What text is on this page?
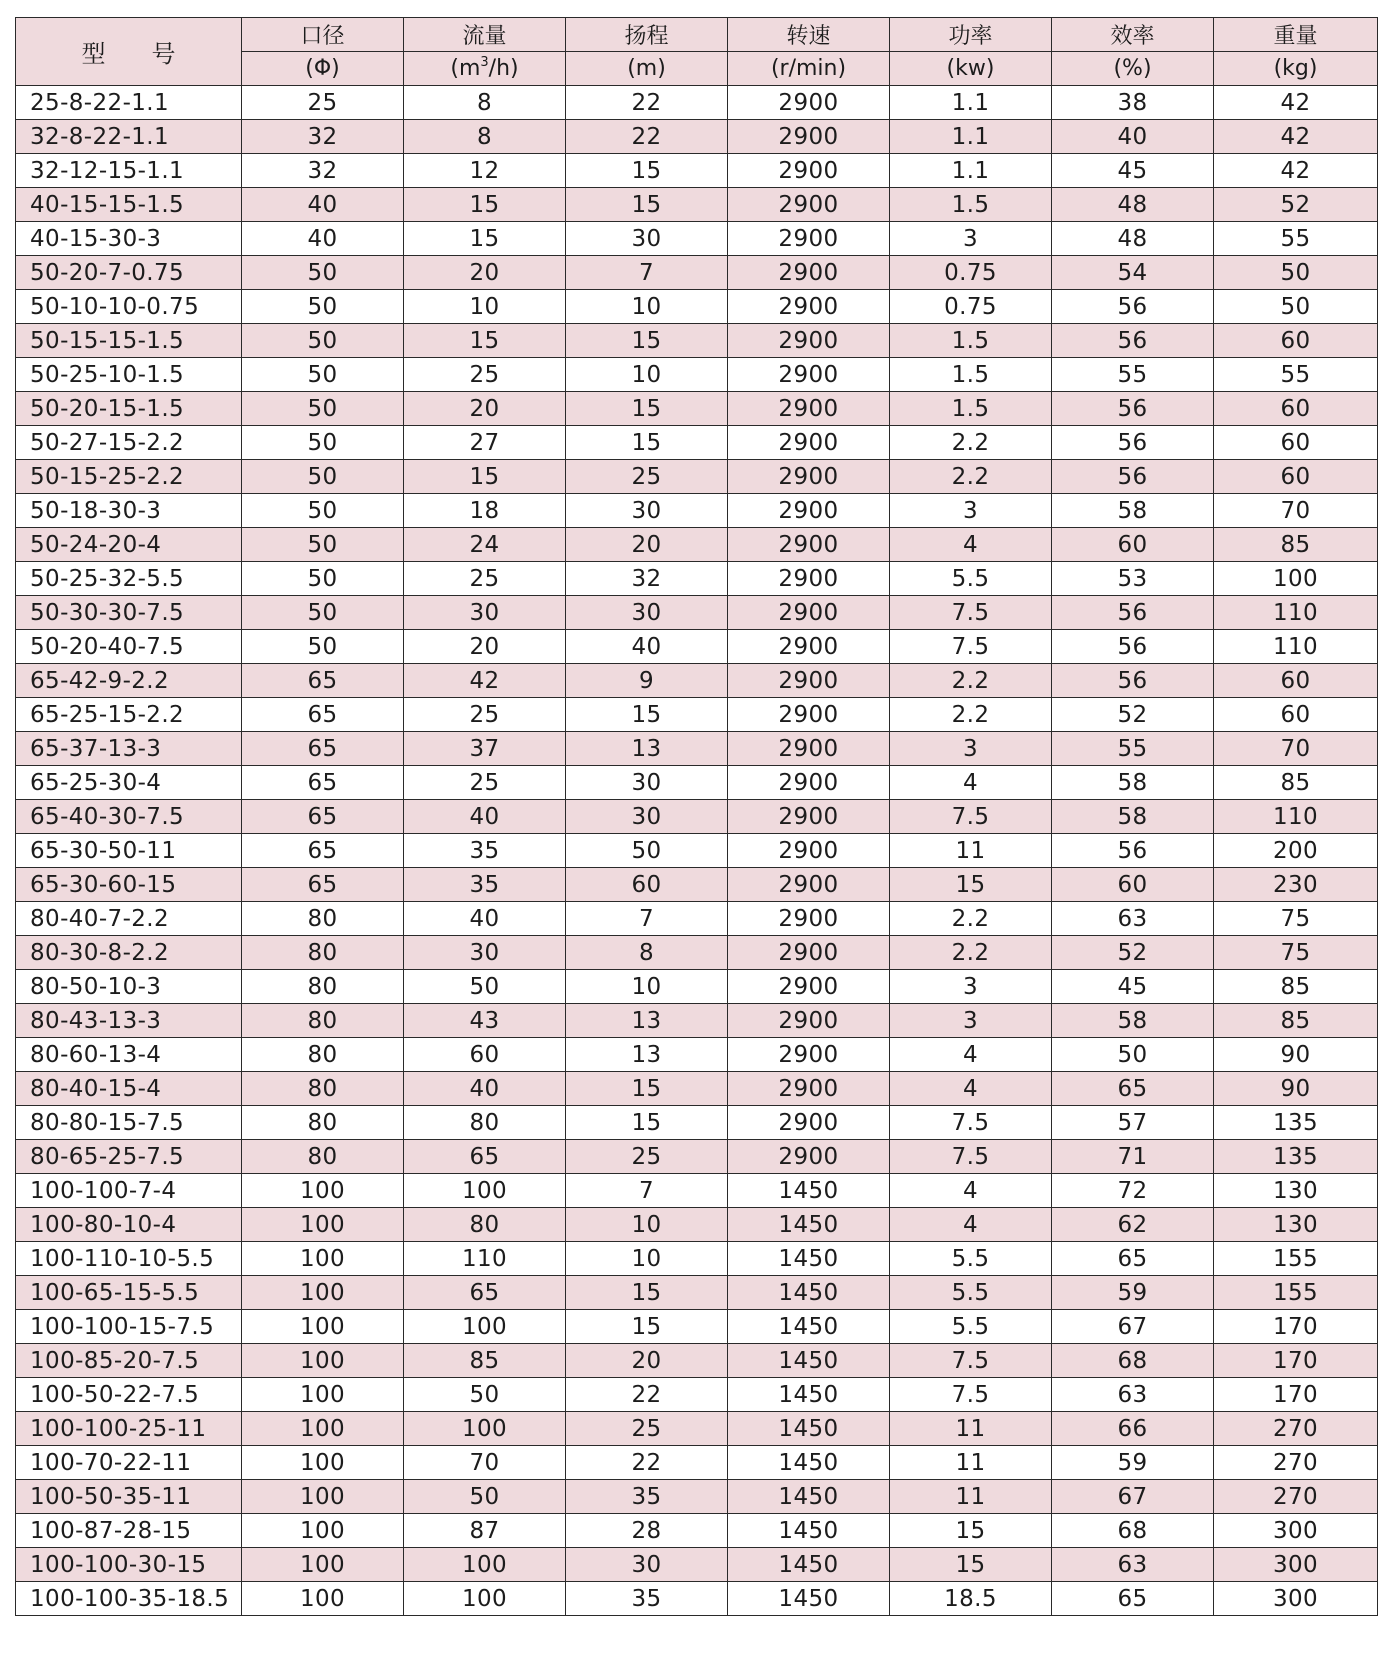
型 号	口径	流量	扬程	转速	功率	效率	重量
	(Φ)	$(m^3/h)$	(m)	(r/min)	(kw)	(%)	(kg)
25-8-22-1.1	25	8	22	2900	1.1	38	42
32-8-22-1.1	32	8	22	2900	1.1	40	42
32-12-15-1.1	32	12	15	2900	1.1	45	42
40-15-15-1.5	40	15	15	2900	1.5	48	52
40-15-30-3	40	15	30	2900	3	48	55
50-20-7-0.75	50	20	7	2900	0.75	54	50
50-10-10-0.75	50	10	10	2900	0.75	56	50
50-15-15-1.5	50	15	15	2900	1.5	56	60
50-25-10-1.5	50	25	10	2900	1.5	55	55
50-20-15-1.5	50	20	15	2900	1.5	56	60
50-27-15-2.2	50	27	15	2900	2.2	56	60
50-15-25-2.2	50	15	25	2900	2.2	56	60
50-18-30-3	50	18	30	2900	3	58	70
50-24-20-4	50	24	20	2900	4	60	85
50-25-32-5.5	50	25	32	2900	5.5	53	100
50-30-30-7.5	50	30	30	2900	7.5	56	110
50-20-40-7.5	50	20	40	2900	7.5	56	110
65-42-9-2.2	65	42	9	2900	2.2	56	60
65-25-15-2.2	65	25	15	2900	2.2	52	60
65-37-13-3	65	37	13	2900	3	55	70
65-25-30-4	65	25	30	2900	4	58	85
65-40-30-7.5	65	40	30	2900	7.5	58	110
65-30-50-11	65	35	50	2900	11	56	200
65-30-60-15	65	35	60	2900	15	60	230
80-40-7-2.2	80	40	7	2900	2.2	63	75
80-30-8-2.2	80	30	8	2900	2.2	52	75
80-50-10-3	80	50	10	2900	3	45	85
80-43-13-3	80	43	13	2900	3	58	85
80-60-13-4	80	60	13	2900	4	50	90
80-40-15-4	80	40	15	2900	4	65	90
80-80-15-7.5	80	80	15	2900	7.5	57	135
80-65-25-7.5	80	65	25	2900	7.5	71	135
100-100-7-4	100	100	7	1450	4	72	130
100-80-10-4	100	80	10	1450	4	62	130
100-110-10-5.5	100	110	10	1450	5.5	65	155
100-65-15-5.5	100	65	15	1450	5.5	59	155
100-100-15-7.5	100	100	15	1450	5.5	67	170
100-85-20-7.5	100	85	20	1450	7.5	68	170
100-50-22-7.5	100	50	22	1450	7.5	63	170
100-100-25-11	100	100	25	1450	11	66	270
100-70-22-11	100	70	22	1450	11	59	270
100-50-35-11	100	50	35	1450	11	67	270
100-87-28-15	100	87	28	1450	15	68	300
100-100-30-15	100	100	30	1450	15	63	300
100-100-35-18.5	100	100	35	1450	18.5	65	300
